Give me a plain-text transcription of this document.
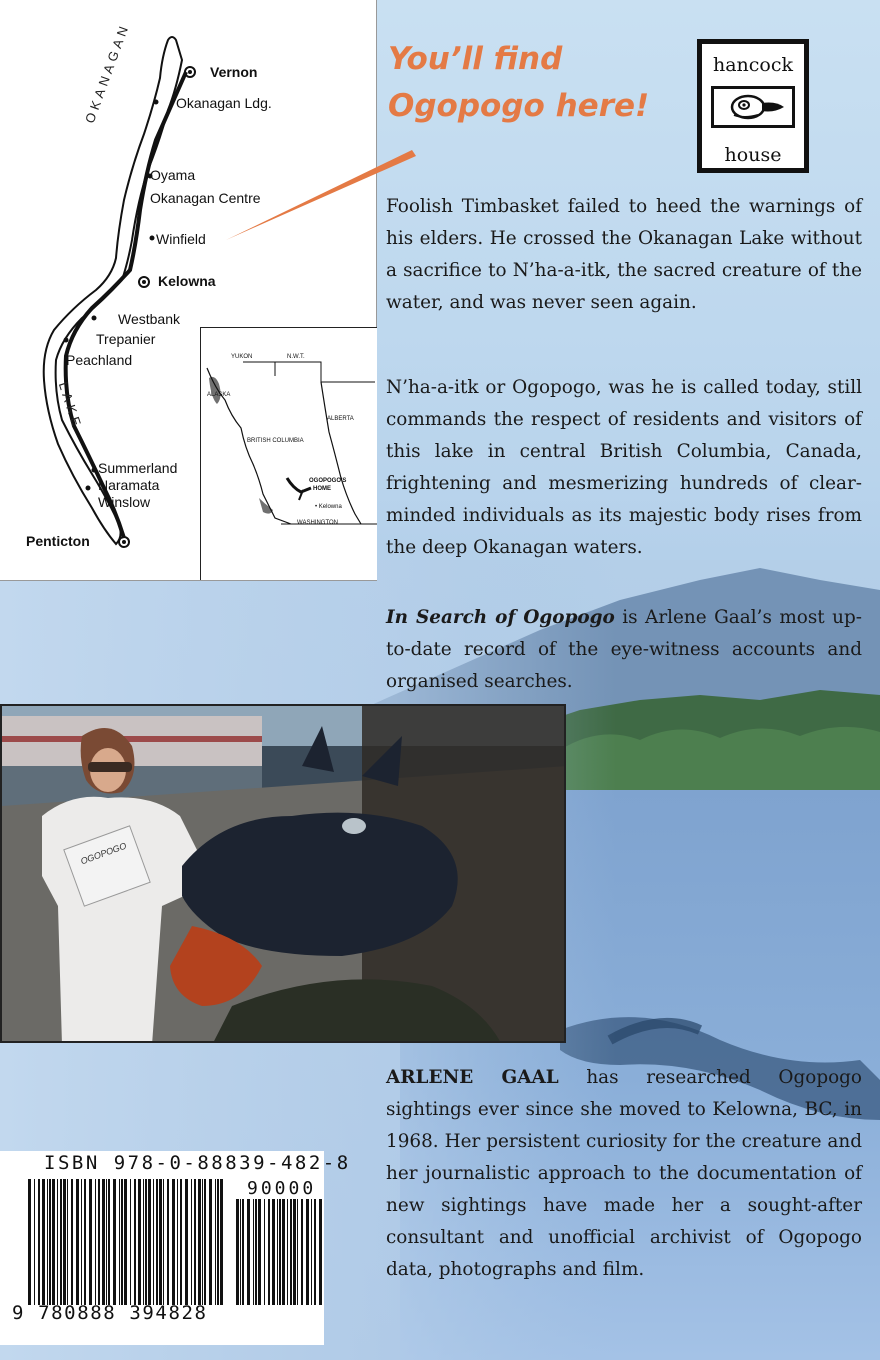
Vernon
Okanagan Ldg.
Oyama
Okanagan Centre
Winfield
Kelowna
Westbank
Trepanier
Peachland
Summerland
Naramata
Winslow
Penticton
OKANAGAN
LAKE
YUKON	N.W.T.
ALASKA
ALBERTA
BRITISH COLUMBIA
OGOPOGO'S
HOME
• Kelowna
WASHINGTON
You’ll find
Ogopogo here!
hancock
house

Foolish Timbasket failed to heed the warnings of his elders. He crossed the Okanagan Lake without a sacrifice to N’ha-a-itk, the sacred creature of the water, and was never seen again.

N’ha-a-itk or Ogopogo, was he is called today, still commands the respect of residents and visitors of this lake in central British Columbia, Canada, frightening and mesmerizing hundreds of clear-minded individuals as its majestic body rises from the deep Okanagan waters.

In Search of Ogopogo is Arlene Gaal’s most up-to-date record of the eye-witness accounts and organised searches.

OGOPOGO

ARLENE GAAL has researched Ogopogo sightings ever since she moved to Kelowna, BC, in 1968. Her persistent curiosity for the creature and her journalistic approach to the documentation of new sightings have made her a sought-after consultant and unofficial archivist of Ogopogo data, photographs and film.

ISBN 978-0-88839-482-8
90000
9 780888 394828
